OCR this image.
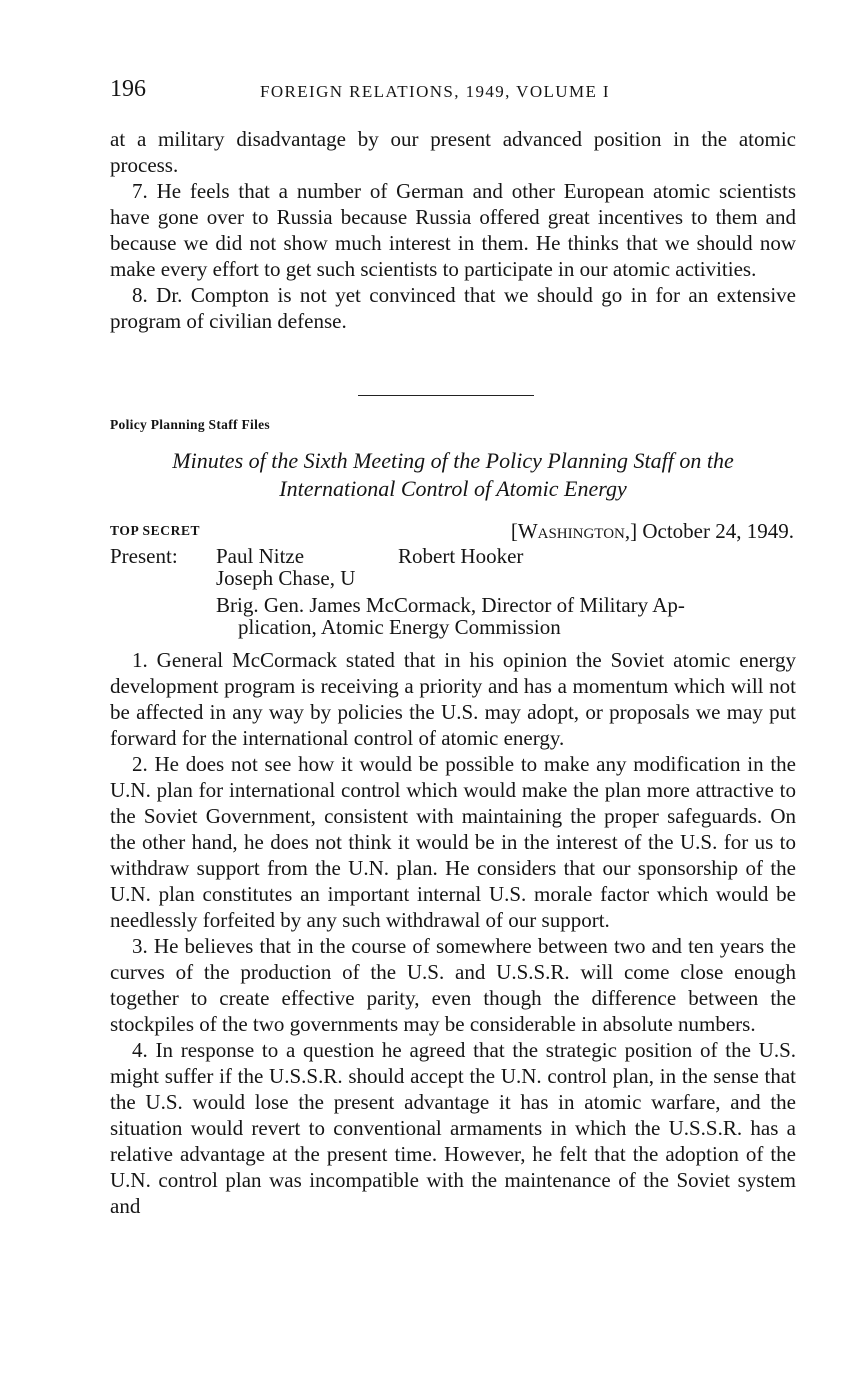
196	FOREIGN RELATIONS, 1949, VOLUME I

at a military disadvantage by our present advanced position in the atomic process.

7. He feels that a number of German and other European atomic scientists have gone over to Russia because Russia offered great incentives to them and because we did not show much interest in them. He thinks that we should now make every effort to get such scientists to participate in our atomic activities.

8. Dr. Compton is not yet convinced that we should go in for an extensive program of civilian defense.

Policy Planning Staff Files
Minutes of the Sixth Meeting of the Policy Planning Staff on the
International Control of Atomic Energy
TOP SECRET	[Washington,] October 24, 1949.
Present: Paul Nitze	Robert Hooker
Joseph Chase, U
Brig. Gen. James McCormack, Director of Military Ap-
plication, Atomic Energy Commission

1. General McCormack stated that in his opinion the Soviet atomic energy development program is receiving a priority and has a momentum which will not be affected in any way by policies the U.S. may adopt, or proposals we may put forward for the international control of atomic energy.

2. He does not see how it would be possible to make any modification in the U.N. plan for international control which would make the plan more attractive to the Soviet Government, consistent with maintaining the proper safeguards. On the other hand, he does not think it would be in the interest of the U.S. for us to withdraw support from the U.N. plan. He considers that our sponsorship of the U.N. plan constitutes an important internal U.S. morale factor which would be needlessly forfeited by any such withdrawal of our support.

3. He believes that in the course of somewhere between two and ten years the curves of the production of the U.S. and U.S.S.R. will come close enough together to create effective parity, even though the difference between the stockpiles of the two governments may be considerable in absolute numbers.

4. In response to a question he agreed that the strategic position of the U.S. might suffer if the U.S.S.R. should accept the U.N. control plan, in the sense that the U.S. would lose the present advantage it has in atomic warfare, and the situation would revert to conventional armaments in which the U.S.S.R. has a relative advantage at the present time. However, he felt that the adoption of the U.N. control plan was incompatible with the maintenance of the Soviet system and
